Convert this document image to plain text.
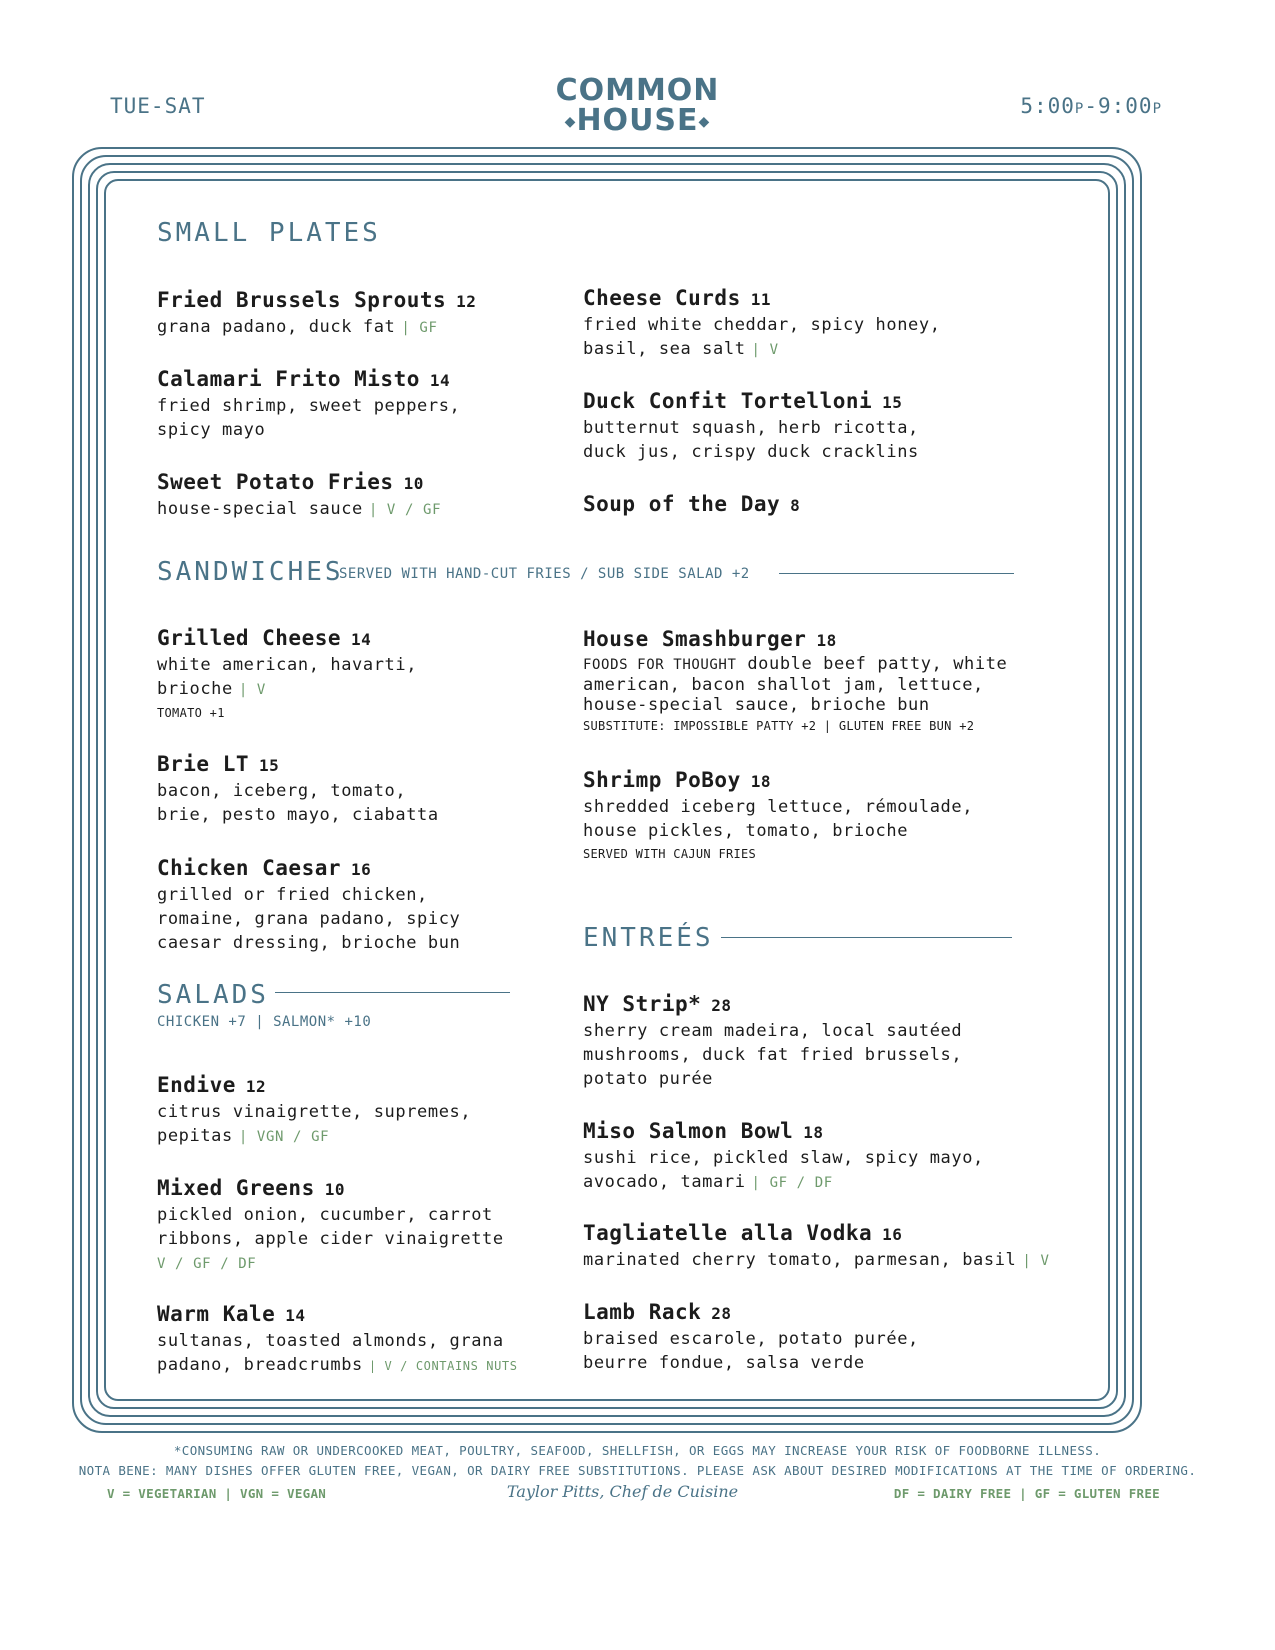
TUE-SAT	COMMON
◆HOUSE◆
5:00P-9:00P
SMALL PLATES
Fried Brussels Sprouts 12
grana padano, duck fat | GF
Calamari Frito Misto 14
fried shrimp, sweet peppers,
spicy mayo
Sweet Potato Fries 10
house-special sauce | V / GF
Cheese Curds 11
fried white cheddar, spicy honey,
basil, sea salt | V
Duck Confit Tortelloni 15
butternut squash, herb ricotta,
duck jus, crispy duck cracklins
Soup of the Day 8
SANDWICHES
SERVED WITH HAND-CUT FRIES / SUB SIDE SALAD +2
Grilled Cheese 14
white american, havarti,
brioche | V
TOMATO +1
Brie LT 15
bacon, iceberg, tomato,
brie, pesto mayo, ciabatta
Chicken Caesar 16
grilled or fried chicken,
romaine, grana padano, spicy
caesar dressing, brioche bun
House Smashburger 18
FOODS FOR THOUGHT double beef patty, white
american, bacon shallot jam, lettuce,
house-special sauce, brioche bun
SUBSTITUTE: IMPOSSIBLE PATTY +2 | GLUTEN FREE BUN +2
Shrimp PoBoy 18
shredded iceberg lettuce, rémoulade,
house pickles, tomato, brioche
SERVED WITH CAJUN FRIES
SALADS
CHICKEN +7 | SALMON* +10
Endive 12
citrus vinaigrette, supremes,
pepitas | VGN / GF
Mixed Greens 10
pickled onion, cucumber, carrot
ribbons, apple cider vinaigrette
V / GF / DF
Warm Kale 14
sultanas, toasted almonds, grana
padano, breadcrumbs | V / CONTAINS NUTS
ENTREÉS
NY Strip* 28
sherry cream madeira, local sautéed
mushrooms, duck fat fried brussels,
potato purée
Miso Salmon Bowl 18
sushi rice, pickled slaw, spicy mayo,
avocado, tamari | GF / DF
Tagliatelle alla Vodka 16
marinated cherry tomato, parmesan, basil | V
Lamb Rack 28
braised escarole, potato purée,
beurre fondue, salsa verde
*CONSUMING RAW OR UNDERCOOKED MEAT, POULTRY, SEAFOOD, SHELLFISH, OR EGGS MAY INCREASE YOUR RISK OF FOODBORNE ILLNESS.
NOTA BENE: MANY DISHES OFFER GLUTEN FREE, VEGAN, OR DAIRY FREE SUBSTITUTIONS. PLEASE ASK ABOUT DESIRED MODIFICATIONS AT THE TIME OF ORDERING.
V = VEGETARIAN | VGN = VEGAN	Taylor Pitts, Chef de Cuisine	DF = DAIRY FREE | GF = GLUTEN FREE
